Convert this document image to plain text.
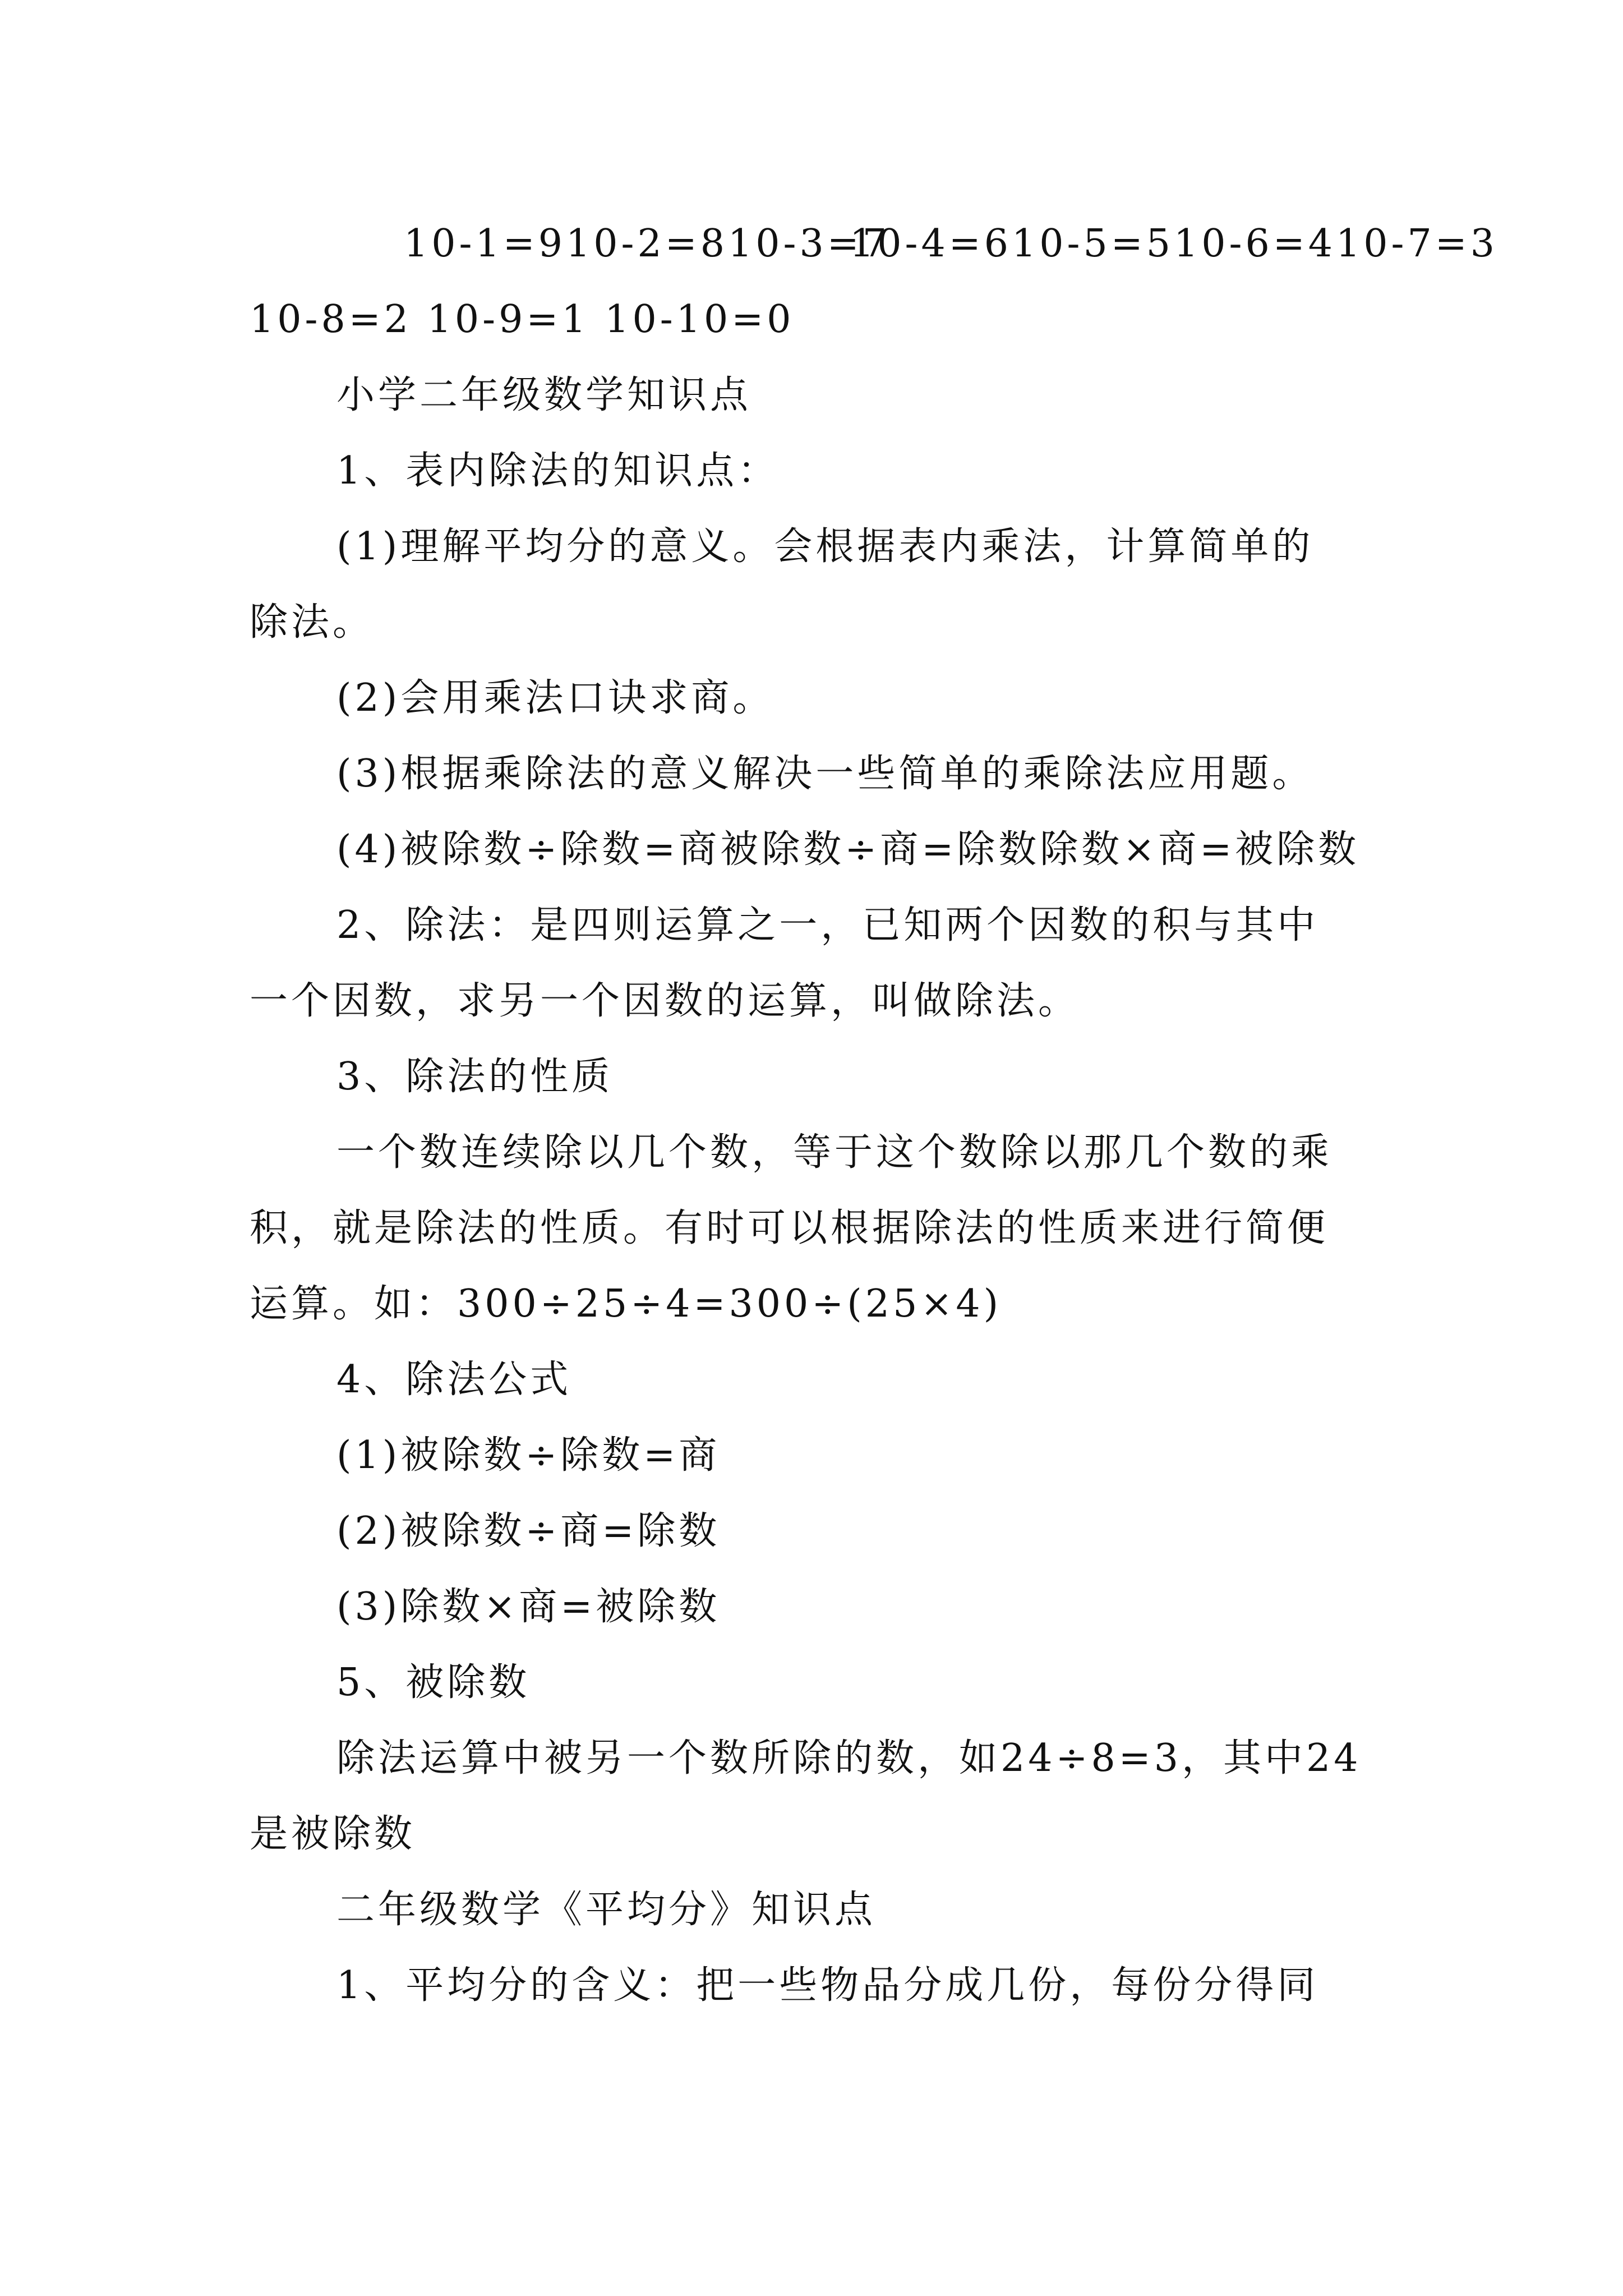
10-1=910-2=810-3=7
10-4=610-5=510-6=410-7=3
10-8=2 10-9=1 10-10=0
小学二年级数学知识点
1、表内除法的知识点：
(1)理解平均分的意义。会根据表内乘法，计算简单的
除法。
(2)会用乘法口诀求商。
(3)根据乘除法的意义解决一些简单的乘除法应用题。
(4)被除数÷除数=商被除数÷商=除数除数×商=被除数
2、除法：是四则运算之一，已知两个因数的积与其中
一个因数，求另一个因数的运算，叫做除法。
3、除法的性质
一个数连续除以几个数，等于这个数除以那几个数的乘
积，就是除法的性质。有时可以根据除法的性质来进行简便
运算。如：300÷25÷4=300÷(25×4)
4、除法公式
(1)被除数÷除数=商
(2)被除数÷商=除数
(3)除数×商=被除数
5、被除数
除法运算中被另一个数所除的数，如24÷8=3，其中24
是被除数
二年级数学《平均分》知识点
1、平均分的含义：把一些物品分成几份，每份分得同
